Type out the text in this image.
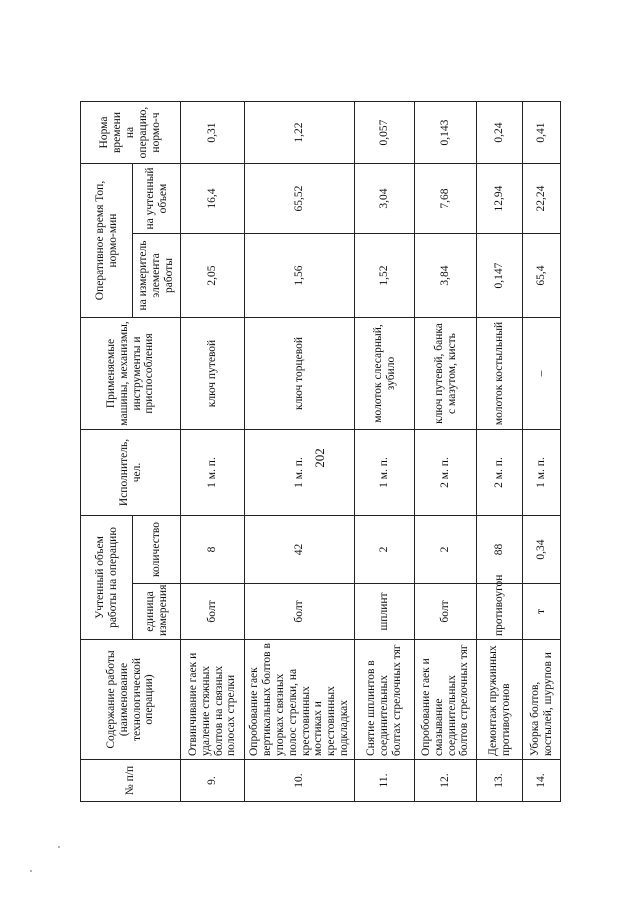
202
№ п/п	Содержание работы (наименование технологической операции)	Учтенный объем работы на операцию		Исполнитель, чел.	Применяемые машины, механизмы, инструменты и приспособления	Оперативное время Топ, нормо-мин		Норма времени на операцию, нормо-ч
		единица измерения	количество			на измеритель элемента работы	на учтенный объем	
9.	Отвинчивание гаек и удаление стяжных болтов на связных полосах стрелки	болт	8	1 м. п.	ключ путевой	2,05	16,4	0,31
10.	Опробование гаек вертикальных болтов в упорках связных полос стрелки, на крестовинных мостиках и крестовинных подкладках	болт	42	1 м. п.	ключ торцевой	1,56	65,52	1,22
11.	Снятие шплинтов в соединительных болтах стрелочных тяг	шплинт	2	1 м. п.	молоток слесарный, зубило	1,52	3,04	0,057
12.	Опробование гаек и смазывание соединительных болтов стрелочных тяг	болт	2	2 м. п.	ключ путевой, банка с мазутом, кисть	3,84	7,68	0,143
13.	Демонтаж пружинных противоугонов	противоугон	88	2 м. п.	молоток костыльный	0,147	12,94	0,24
14.	Уборка болтов, костылей, шурупов и	т	0,34	1 м. п.	–	65,4	22,24	0,41
